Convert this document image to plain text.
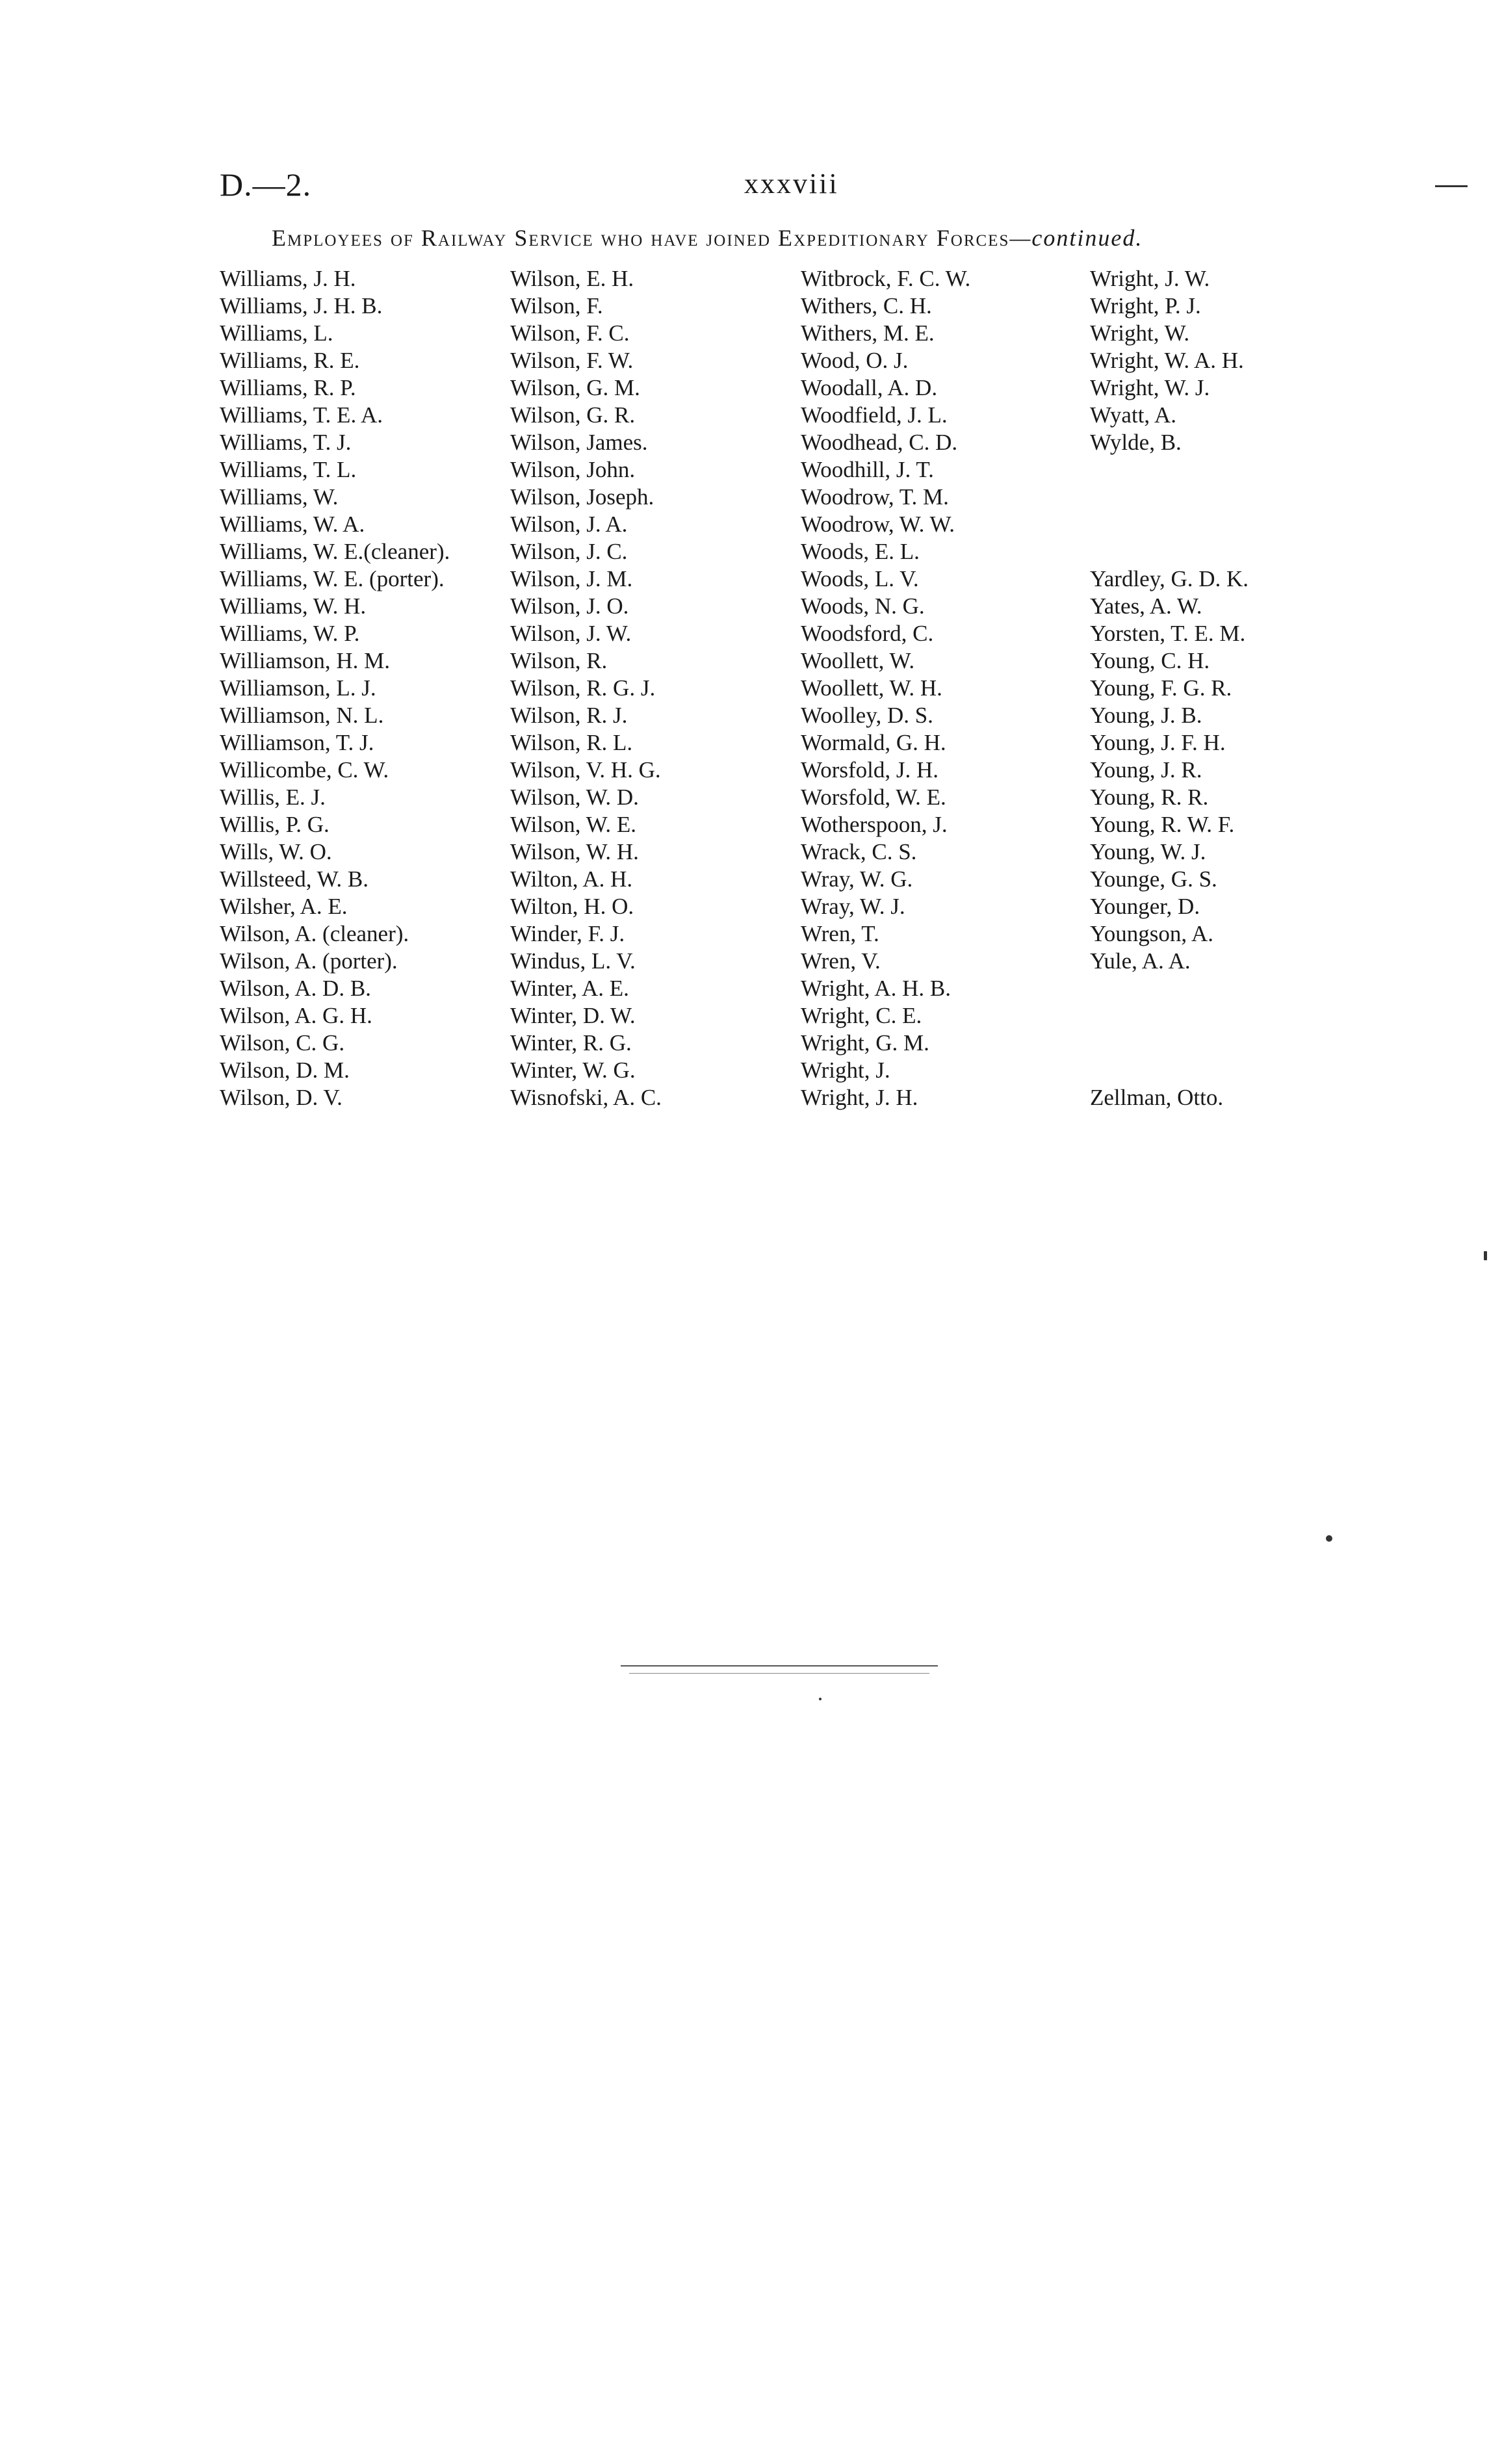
D.—2.	xxxviii
Employees of Railway Service who have joined Expeditionary Forces—continued.
Williams, J. H.
Williams, J. H. B.
Williams, L.
Williams, R. E.
Williams, R. P.
Williams, T. E. A.
Williams, T. J.
Williams, T. L.
Williams, W.
Williams, W. A.
Williams, W. E.(cleaner).
Williams, W. E. (porter).
Williams, W. H.
Williams, W. P.
Williamson, H. M.
Williamson, L. J.
Williamson, N. L.
Williamson, T. J.
Willicombe, C. W.
Willis, E. J.
Willis, P. G.
Wills, W. O.
Willsteed, W. B.
Wilsher, A. E.
Wilson, A. (cleaner).
Wilson, A. (porter).
Wilson, A. D. B.
Wilson, A. G. H.
Wilson, C. G.
Wilson, D. M.
Wilson, D. V.
Wilson, E. H.
Wilson, F.
Wilson, F. C.
Wilson, F. W.
Wilson, G. M.
Wilson, G. R.
Wilson, James.
Wilson, John.
Wilson, Joseph.
Wilson, J. A.
Wilson, J. C.
Wilson, J. M.
Wilson, J. O.
Wilson, J. W.
Wilson, R.
Wilson, R. G. J.
Wilson, R. J.
Wilson, R. L.
Wilson, V. H. G.
Wilson, W. D.
Wilson, W. E.
Wilson, W. H.
Wilton, A. H.
Wilton, H. O.
Winder, F. J.
Windus, L. V.
Winter, A. E.
Winter, D. W.
Winter, R. G.
Winter, W. G.
Wisnofski, A. C.
Witbrock, F. C. W.
Withers, C. H.
Withers, M. E.
Wood, O. J.
Woodall, A. D.
Woodfield, J. L.
Woodhead, C. D.
Woodhill, J. T.
Woodrow, T. M.
Woodrow, W. W.
Woods, E. L.
Woods, L. V.
Woods, N. G.
Woodsford, C.
Woollett, W.
Woollett, W. H.
Woolley, D. S.
Wormald, G. H.
Worsfold, J. H.
Worsfold, W. E.
Wotherspoon, J.
Wrack, C. S.
Wray, W. G.
Wray, W. J.
Wren, T.
Wren, V.
Wright, A. H. B.
Wright, C. E.
Wright, G. M.
Wright, J.
Wright, J. H.
Wright, J. W.
Wright, P. J.
Wright, W.
Wright, W. A. H.
Wright, W. J.
Wyatt, A.
Wylde, B.
Yardley, G. D. K.
Yates, A. W.
Yorsten, T. E. M.
Young, C. H.
Young, F. G. R.
Young, J. B.
Young, J. F. H.
Young, J. R.
Young, R. R.
Young, R. W. F.
Young, W. J.
Younge, G. S.
Younger, D.
Youngson, A.
Yule, A. A.
Zellman, Otto.
